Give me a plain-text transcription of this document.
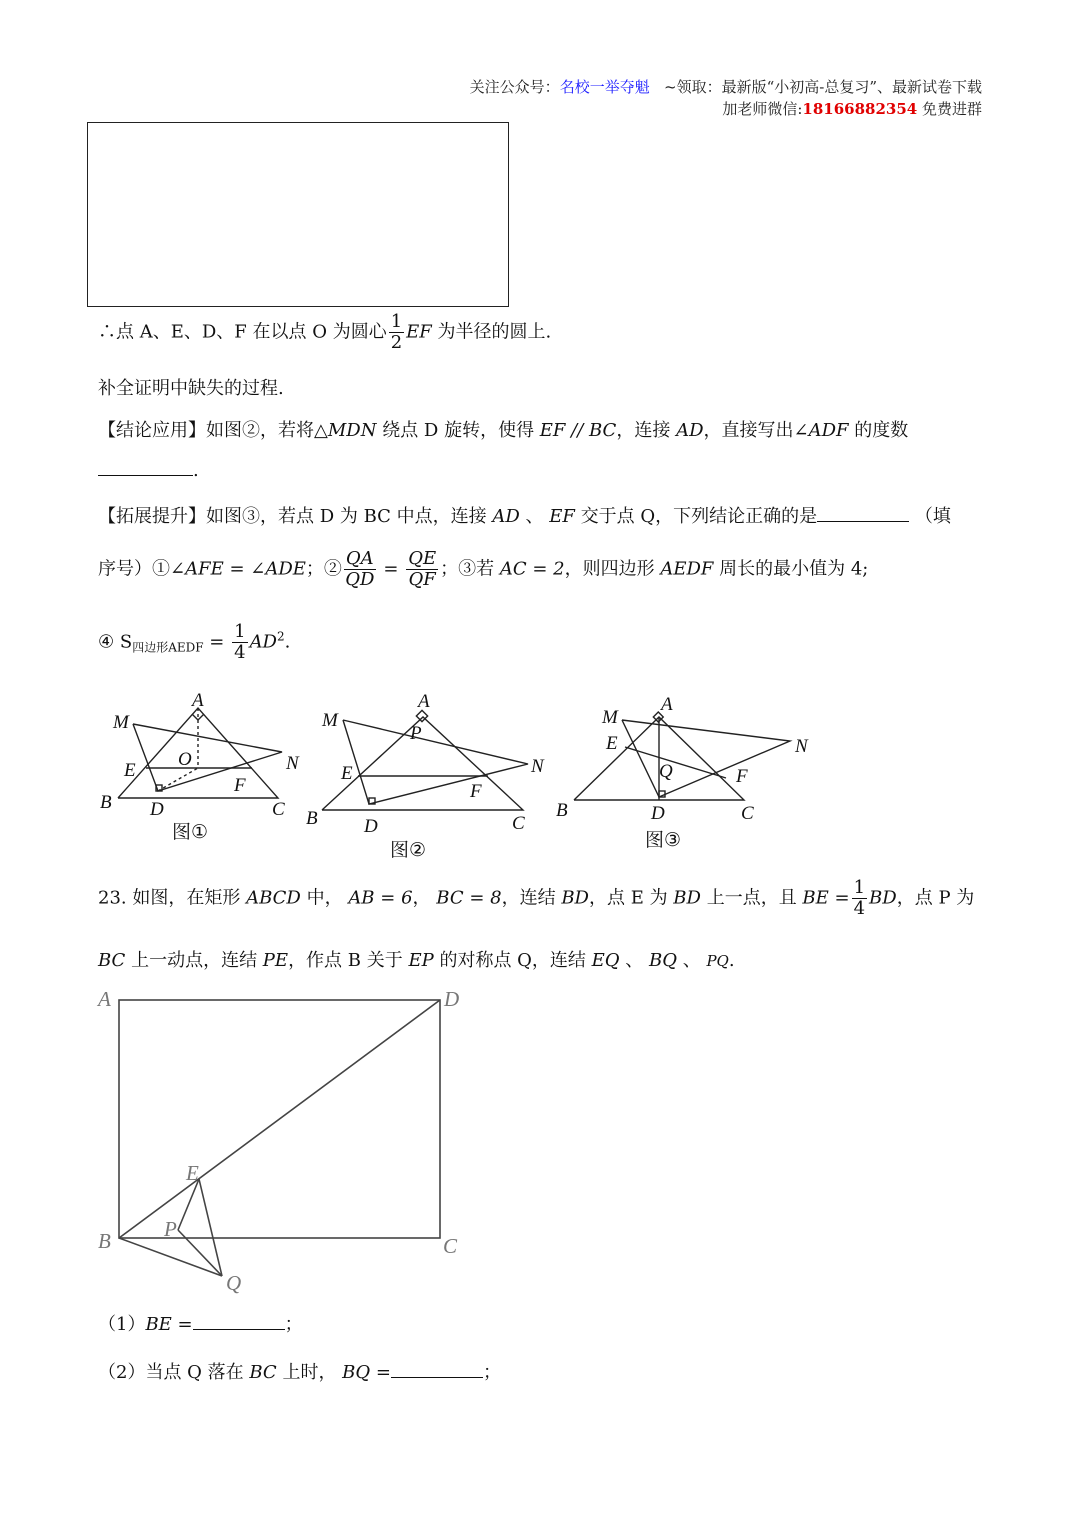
关注公众号：名校一举夺魁 ~领取：最新版“小初高-总复习”、最新试卷下载
加老师微信:18166882354 免费进群
∴点 A、E、D、F 在以点 O 为圆心 $\frac{1}{2}$ EF 为半径的圆上.
补全证明中缺失的过程.
【结论应用】如图②，若将△MDN 绕点 D 旋转，使得 EF // BC，连接 AD，直接写出∠ADF 的度数
.
【拓展提升】如图③，若点 D 为 BC 中点，连接 AD 、 EF 交于点 Q，下列结论正确的是	（填
序号）①∠AFE = ∠ADE；② $\frac{QA}{QD} = \frac{QE}{QF}$ ；③若 AC = 2，则四边形 AEDF 周长的最小值为 4;
④ $S_{四边形AEDF} = \frac{1}{4} AD^2$.
A
M
O	N
E
F
B D	C
A
M
P
N
E
F
B D	C
A
M
E	N
Q	F
B	D	C
图①
图②	图③
23. 如图，在矩形 ABCD 中， AB = 6， BC = 8，连结 BD，点 E 为 BD 上一点，且 BE = $\frac{1}{4}$ BD，点 P 为
BC 上一动点，连结 PE，作点 B 关于 EP 的对称点 Q，连结 EQ 、 BQ 、 PQ.
A	D
E
P
B	C
Q
（1）BE =	；
（2）当点 Q 落在 BC 上时， BQ =	；
